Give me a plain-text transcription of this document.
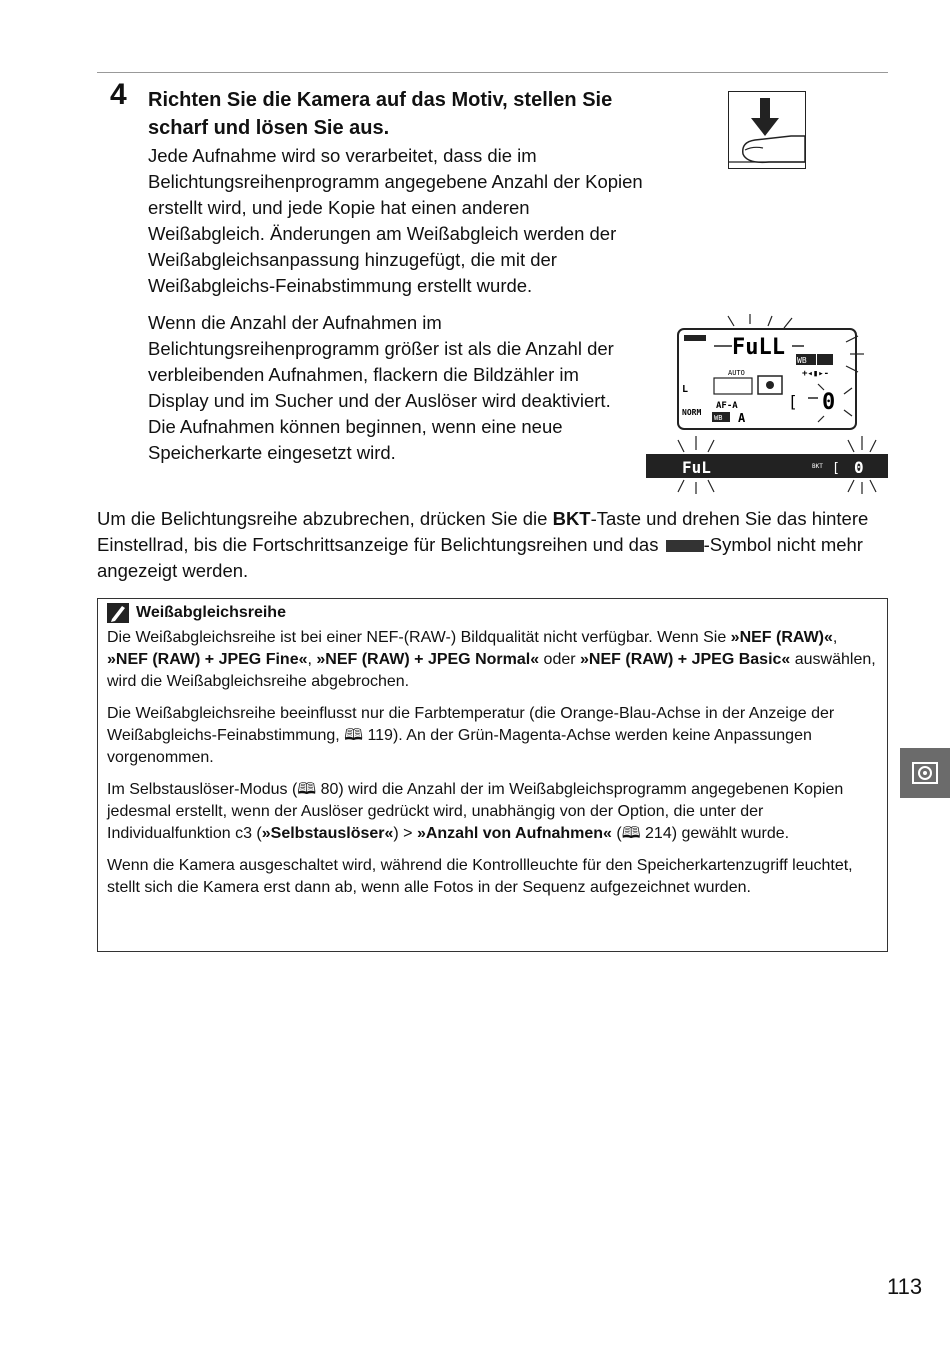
4 Richten Sie die Kamera auf das Motiv, stellen Sie scharf und lösen Sie aus.

Jede Aufnahme wird so verarbeitet, dass die im Belichtungsreihenprogramm angegebene Anzahl der Kopien erstellt wird, und jede Kopie hat einen anderen Weißabgleich. Änderungen am Weißabgleich werden der Weißabgleichsanpassung hinzugefügt, die mit der Weißabgleichs-Feinabstimmung erstellt wurde.

Wenn die Anzahl der Aufnahmen im Belichtungsreihenprogramm größer ist als die Anzahl der verbleibenden Aufnahmen, flackern die Bildzähler im Display und im Sucher und der Auslöser wird deaktiviert. Die Aufnahmen können beginnen, wenn eine neue Speicherkarte eingesetzt wird.

FuLL
WB
AUTO	+◂▮▸-
L
AF-A
NORM
WB A
[ 0
FuL	BKT [ 0

Um die Belichtungsreihe abzubrechen, drücken Sie die BKT-Taste und drehen Sie das hintere Einstellrad, bis die Fortschrittsanzeige für Belichtungsreihen und das -Symbol nicht mehr angezeigt werden.

Weißabgleichsreihe

Die Weißabgleichsreihe ist bei einer NEF-(RAW-) Bildqualität nicht verfügbar. Wenn Sie »NEF (RAW)«, »NEF (RAW) + JPEG Fine«, »NEF (RAW) + JPEG Normal« oder »NEF (RAW) + JPEG Basic« auswählen, wird die Weißabgleichsreihe abgebrochen.

Die Weißabgleichsreihe beeinflusst nur die Farbtemperatur (die Orange-Blau-Achse in der Anzeige der Weißabgleichs-Feinabstimmung, 🕮 119). An der Grün-Magenta-Achse werden keine Anpassungen vorgenommen.

Im Selbstauslöser-Modus (🕮 80) wird die Anzahl der im Weißabgleichsprogramm angegebenen Kopien jedesmal erstellt, wenn der Auslöser gedrückt wird, unabhängig von der Option, die unter der Individualfunktion c3 (»Selbstauslöser«) > »Anzahl von Aufnahmen« (🕮 214) gewählt wurde.

Wenn die Kamera ausgeschaltet wird, während die Kontrollleuchte für den Speicherkartenzugriff leuchtet, stellt sich die Kamera erst dann ab, wenn alle Fotos in der Sequenz aufgezeichnet wurden.

113
